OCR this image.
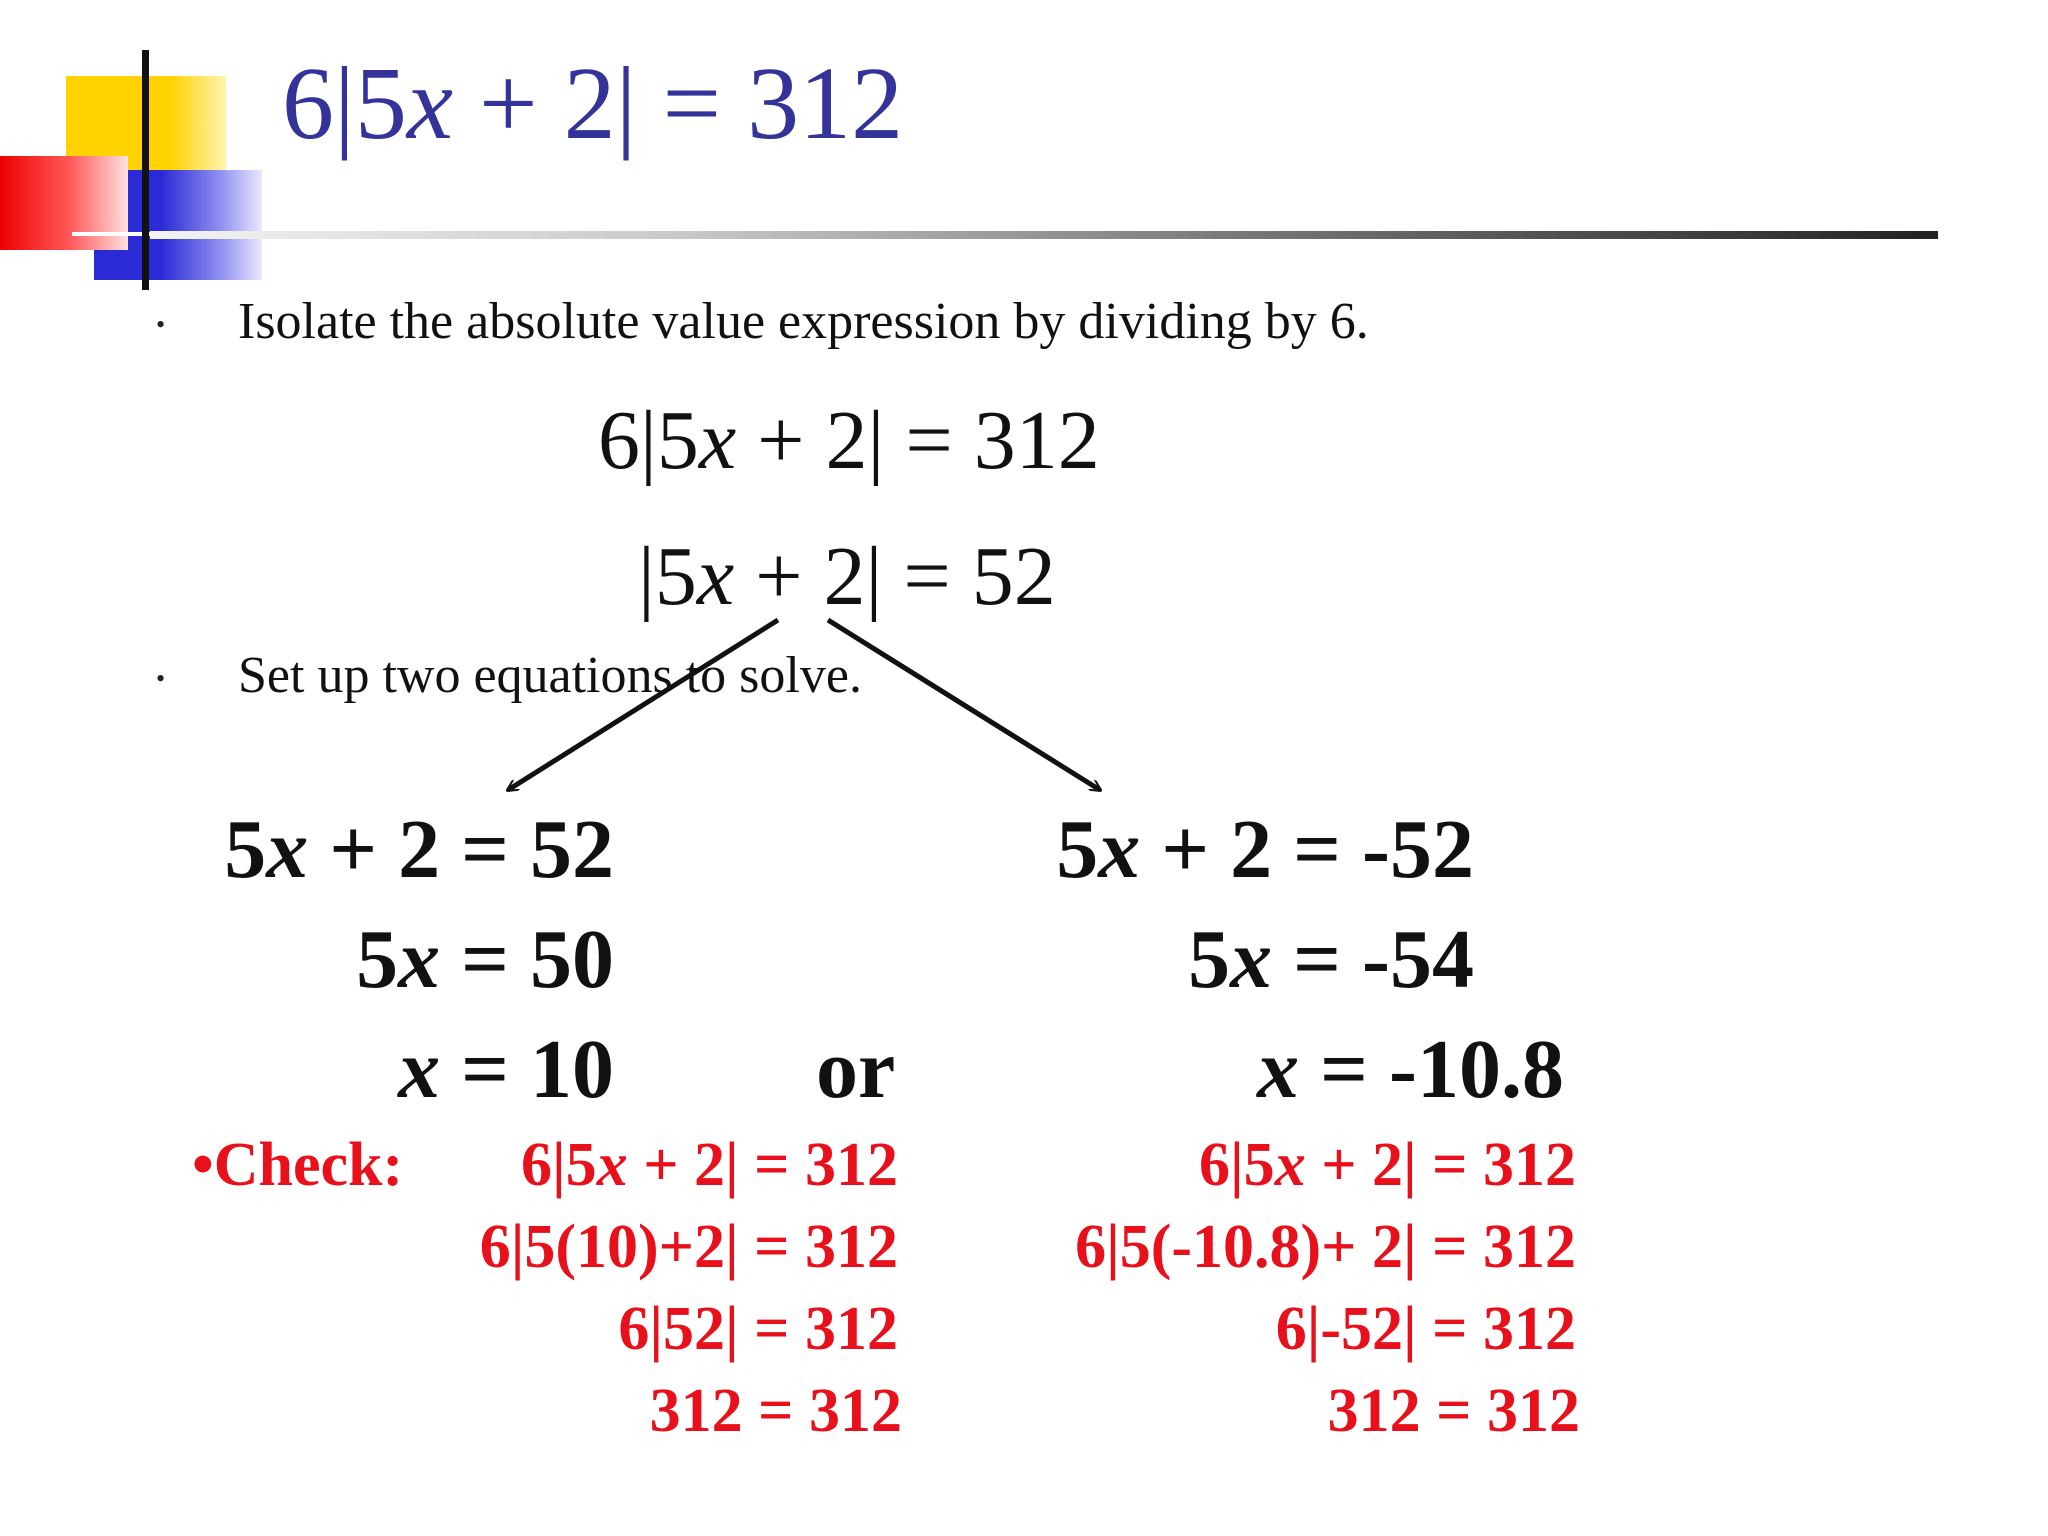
6|5x + 2| = 312
• Isolate the absolute value expression by dividing by 6.
6|5x + 2| = 312
|5x + 2| = 52
• Set up two equations to solve.
5x + 2 = 52
5x = 50
x = 10 or
5x + 2 = -52
5x = -54
x = -10.8
•Check:	6|5x + 2| = 312
6|5(10)+2| = 312
6|52| = 312
312 = 312
6|5x + 2| = 312
6|5(-10.8)+ 2| = 312
6|-52| = 312
312 = 312
